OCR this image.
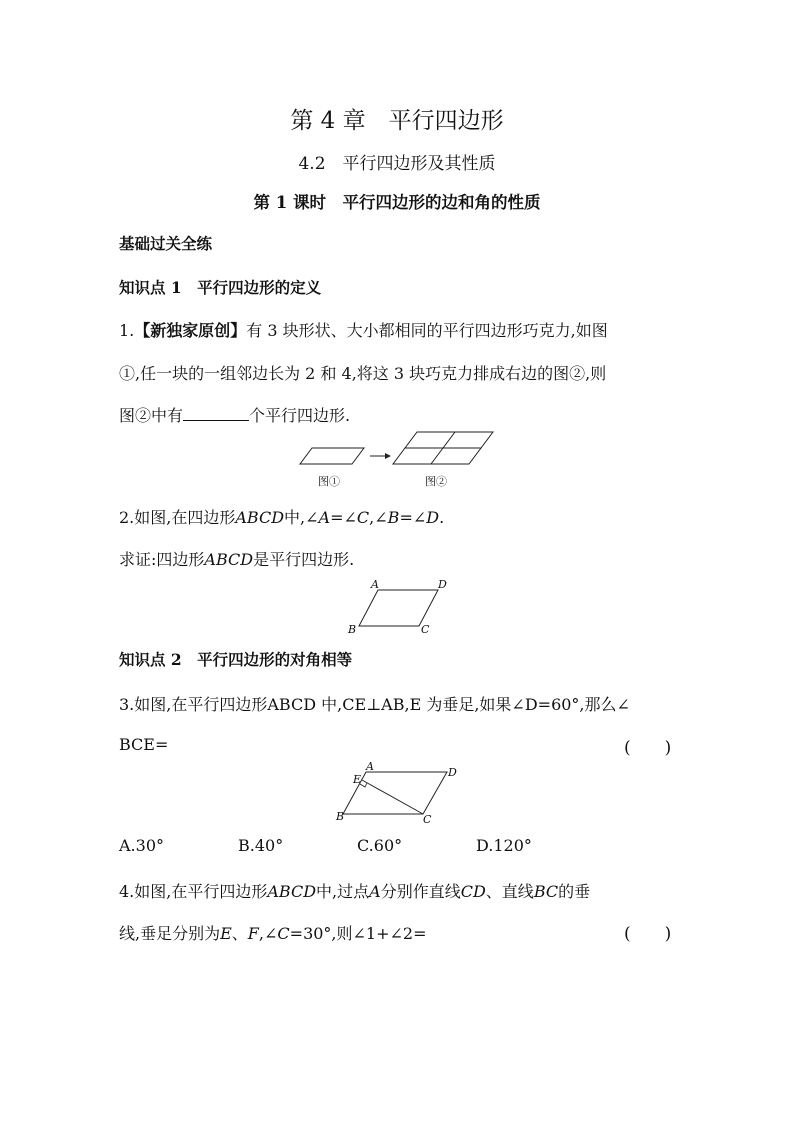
第 4 章　平行四边形
4.2　平行四边形及其性质
第 1 课时　平行四边形的边和角的性质
基础过关全练
知识点 1　平行四边形的定义
1.【新独家原创】有 3 块形状、大小都相同的平行四边形巧克力,如图
①,任一块的一组邻边长为 2 和 4,将这 3 块巧克力排成右边的图②,则
图②中有	个平行四边形.
图①	图②
2.如图,在四边形ABCD中,∠A=∠C,∠B=∠D.
求证:四边形ABCD是平行四边形.
A	D
B	C
知识点 2　平行四边形的对角相等
3.如图,在平行四边形ABCD 中,CE⊥AB,E 为垂足,如果∠D=60°,那么∠
BCE=	(　　)
A	D
E
B	C
A.30°	B.40°	C.60°	D.120°
4.如图,在平行四边形ABCD中,过点A分别作直线CD、直线BC的垂
线,垂足分别为E、F,∠C=30°,则∠1+∠2=	(　　)
